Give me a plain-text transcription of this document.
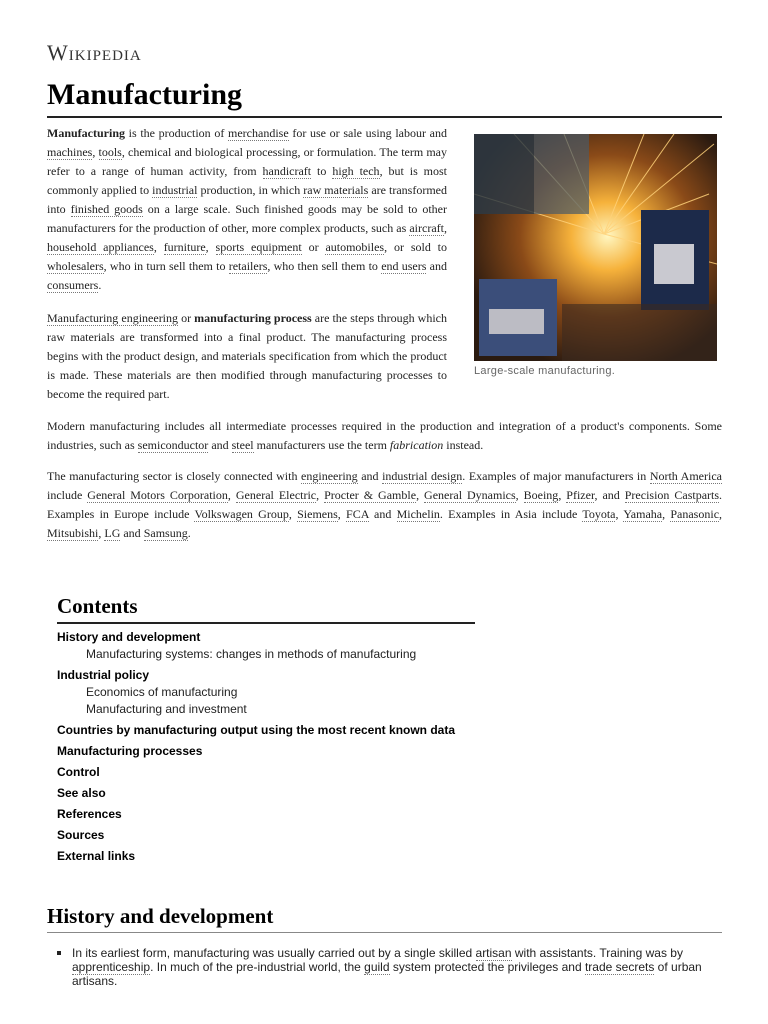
Wikipedia
Manufacturing

Manufacturing is the production of merchandise for use or sale using labour and machines, tools, chemical and biological processing, or formulation. The term may refer to a range of human activity, from handicraft to high tech, but is most commonly applied to industrial production, in which raw materials are transformed into finished goods on a large scale. Such finished goods may be sold to other manufacturers for the production of other, more complex products, such as aircraft, household appliances, furniture, sports equipment or automobiles, or sold to wholesalers, who in turn sell them to retailers, who then sell them to end users and consumers.

Manufacturing engineering or manufacturing process are the steps through which raw materials are transformed into a final product. The manufacturing process begins with the product design, and materials specification from which the product is made. These materials are then modified through manufacturing processes to become the required part.

Modern manufacturing includes all intermediate processes required in the production and integration of a product's components. Some industries, such as semiconductor and steel manufacturers use the term fabrication instead.

The manufacturing sector is closely connected with engineering and industrial design. Examples of major manufacturers in North America include General Motors Corporation, General Electric, Procter & Gamble, General Dynamics, Boeing, Pfizer, and Precision Castparts. Examples in Europe include Volkswagen Group, Siemens, FCA and Michelin. Examples in Asia include Toyota, Yamaha, Panasonic, Mitsubishi, LG and Samsung.

Large-scale manufacturing.
Contents
History and development
Manufacturing systems: changes in methods of manufacturing
Industrial policy
Economics of manufacturing
Manufacturing and investment
Countries by manufacturing output using the most recent known data
Manufacturing processes
Control
See also
References
Sources
External links
History and development
In its earliest form, manufacturing was usually carried out by a single skilled artisan with assistants. Training was by apprenticeship. In much of the pre-industrial world, the guild system protected the privileges and trade secrets of urban artisans.
